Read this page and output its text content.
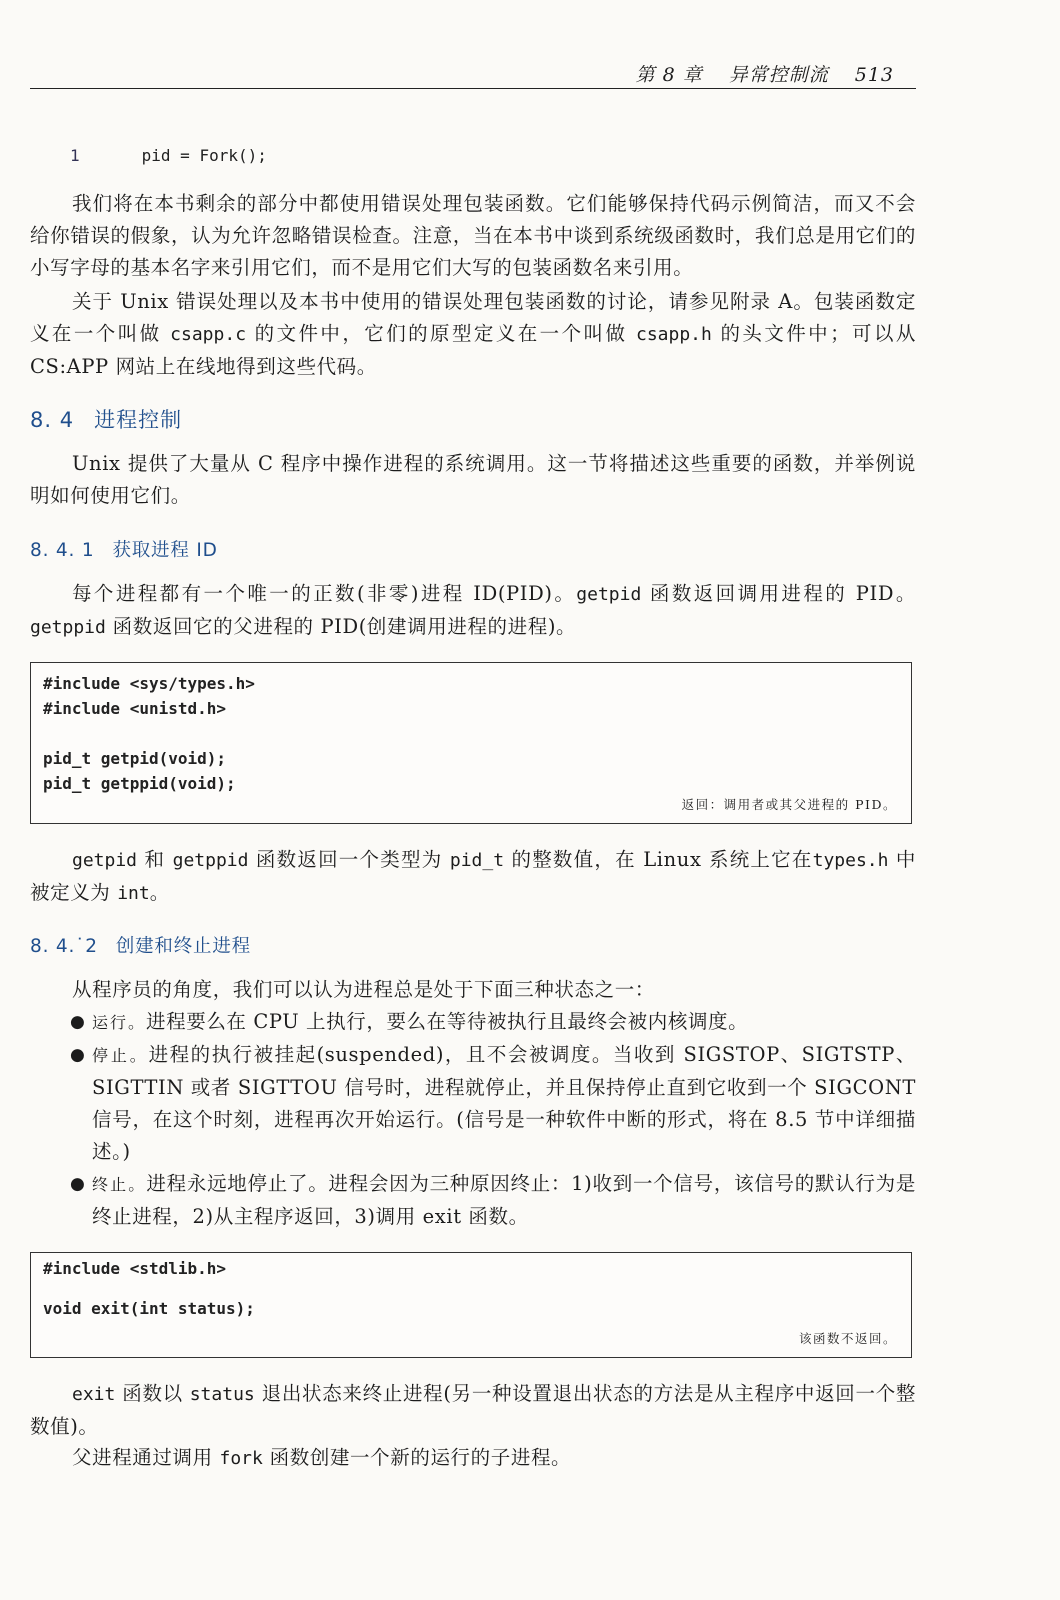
第 8 章 异常控制流 513
1	pid = Fork();
我们将在本书剩余的部分中都使用错误处理包装函数。它们能够保持代码示例简洁，而又不会给你错误的假象，认为允许忽略错误检查。注意，当在本书中谈到系统级函数时，我们总是用它们的小写字母的基本名字来引用它们，而不是用它们大写的包装函数名来引用。
关于 Unix 错误处理以及本书中使用的错误处理包装函数的讨论，请参见附录 A。包装函数定义在一个叫做 csapp.c 的文件中，它们的原型定义在一个叫做 csapp.h 的头文件中；可以从 CS:APP 网站上在线地得到这些代码。
8. 4 进程控制
Unix 提供了大量从 C 程序中操作进程的系统调用。这一节将描述这些重要的函数，并举例说明如何使用它们。
8. 4. 1 获取进程 ID
每个进程都有一个唯一的正数(非零)进程 ID(PID)。getpid 函数返回调用进程的 PID。getppid 函数返回它的父进程的 PID(创建调用进程的进程)。
#include <sys/types.h>
#include <unistd.h>

pid_t getpid(void);
pid_t getppid(void);
返回：调用者或其父进程的 PID。
getpid 和 getppid 函数返回一个类型为 pid_t 的整数值，在 Linux 系统上它在types.h 中被定义为 int。
8. 4.˙2 创建和终止进程
从程序员的角度，我们可以认为进程总是处于下面三种状态之一：
● 运行。进程要么在 CPU 上执行，要么在等待被执行且最终会被内核调度。
● 停止。进程的执行被挂起(suspended)，且不会被调度。当收到 SIGSTOP、SIGTSTP、SIGTTIN 或者 SIGTTOU 信号时，进程就停止，并且保持停止直到它收到一个 SIGCONT 信号，在这个时刻，进程再次开始运行。(信号是一种软件中断的形式，将在 8.5 节中详细描述。)
● 终止。进程永远地停止了。进程会因为三种原因终止：1)收到一个信号，该信号的默认行为是终止进程，2)从主程序返回，3)调用 exit 函数。
#include <stdlib.h>

void exit(int status);
该函数不返回。
exit 函数以 status 退出状态来终止进程(另一种设置退出状态的方法是从主程序中返回一个整数值)。
父进程通过调用 fork 函数创建一个新的运行的子进程。
